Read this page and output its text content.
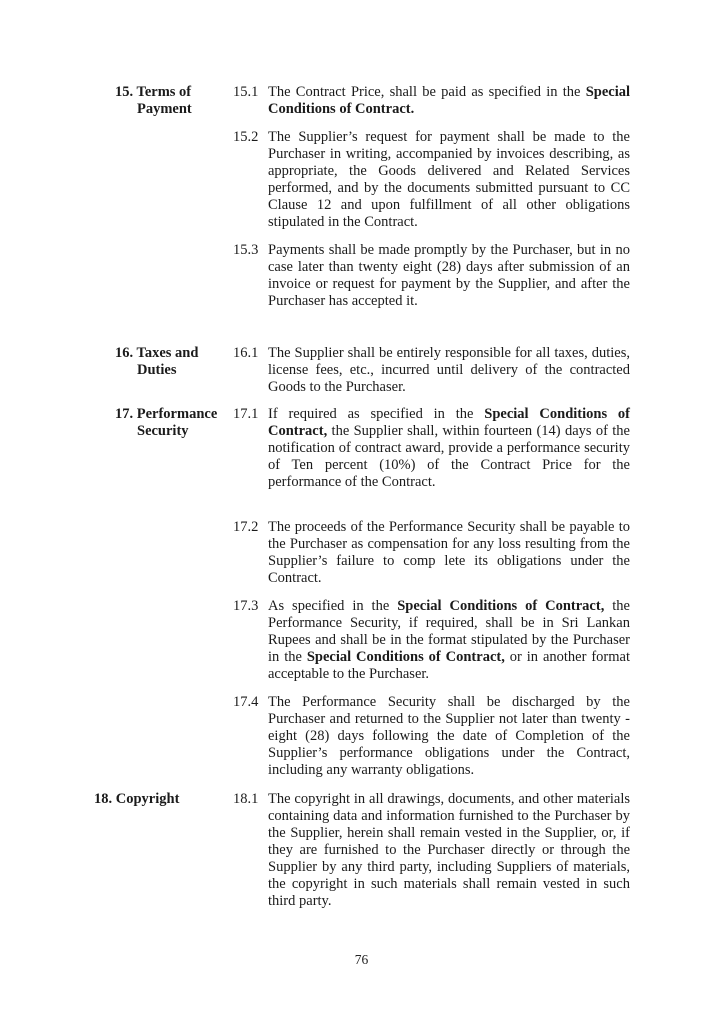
15. Terms of Payment
15.1 The Contract Price, shall be paid as specified in the Special Conditions of Contract.
15.2 The Supplier’s request for payment shall be made to the Purchaser in writing, accompanied by invoices describing, as appropriate, the Goods delivered and Related Services performed, and by the documents submitted pursuant to CC Clause 12 and upon fulfillment of all other obligations stipulated in the Contract.
15.3 Payments shall be made promptly by the Purchaser, but in no case later than twenty eight (28) days after submission of an invoice or request for payment by the Supplier, and after the Purchaser has accepted it.
16. Taxes and Duties
16.1 The Supplier shall be entirely responsible for all taxes, duties, license fees, etc., incurred until delivery of the contracted Goods to the Purchaser.
17. Performance Security
17.1 If required as specified in the Special Conditions of Contract, the Supplier shall, within fourteen (14) days of the notification of contract award, provide a performance security of Ten percent (10%) of the Contract Price for the performance of the Contract.
17.2 The proceeds of the Performance Security shall be payable to the Purchaser as compensation for any loss resulting from the Supplier’s failure to comp lete its obligations under the Contract.
17.3 As specified in the Special Conditions of Contract, the Performance Security, if required, shall be in Sri Lankan Rupees and shall be in the format stipulated by the Purchaser in the Special Conditions of Contract, or in another format acceptable to the Purchaser.
17.4 The Performance Security shall be discharged by the Purchaser and returned to the Supplier not later than twenty -eight (28) days following the date of Completion of the Supplier’s performance obligations under the Contract, including any warranty obligations.
18. Copyright	18.1 The copyright in all drawings, documents, and other materials containing data and information furnished to the Purchaser by the Supplier, herein shall remain vested in the Supplier, or, if they are furnished to the Purchaser directly or through the Supplier by any third party, including Suppliers of materials, the copyright in such materials shall remain vested in such third party.
76
